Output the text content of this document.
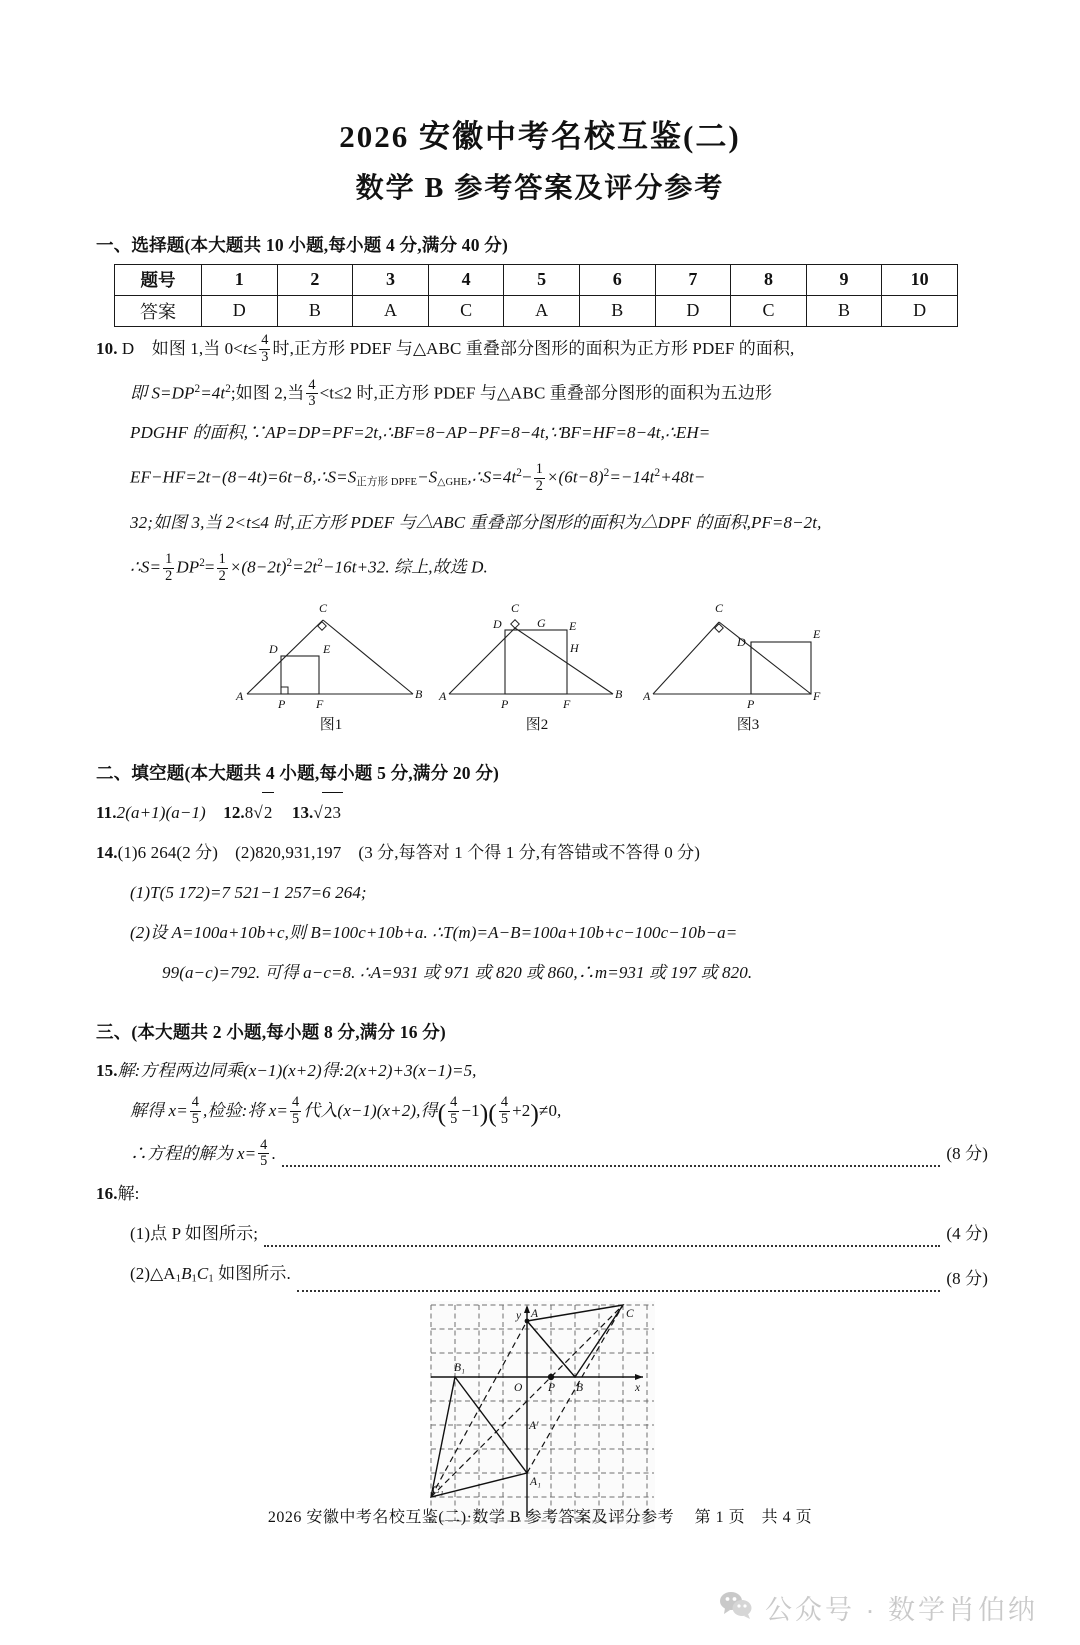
2026 安徽中考名校互鉴(二)
数学 B 参考答案及评分参考
一、选择题(本大题共 10 小题,每小题 4 分,满分 40 分)
题号	1	2	3	4	5	6	7	8	9	10
答案	D	B	A	C	A	B	D	C	B	D
10. D 如图 1,当 $0<t\le \frac{4}{3}$ 时,正方形 PDEF 与△ABC 重叠部分图形的面积为正方形 PDEF 的面积,
即 $S=DP^2=4t^2$;如图 2,当 $\frac{4}{3} <t\le 2$ 时,正方形 PDEF 与△ABC 重叠部分图形的面积为五边形
PDGHF 的面积,∵AP=DP=PF=2t,∴BF=8−AP−PF=8−4t,∵BF=HF=8−4t,∴EH=
$EF-HF=2t-(8-4t)=6t-8,\therefore S=S_{正方形 DPFE}-S_{\triangle GHE},\therefore S=4t^2- \frac{1}{2} \times(6t-8)^2=-14t^2+48t-$
32;如图 3,当 2<t≤4 时,正方形 PDEF 与△ABC 重叠部分图形的面积为△DPF 的面积,PF=8−2t,
∴S= $\frac{1}{2} DP^2= \frac{1}{2} \times(8-2t)^2=2t^2-16t+32$. 综上,故选 D.
A	B
C
D	E
P	F
图1
A	B
C
D	E
G
H
P	F
图2
A
C
D
E
P
F
图3
二、填空题(本大题共 4 小题,每小题 5 分,满分 20 分)
11.2(a+1)(a−1) 12.8√2 13.√23
14.(1)6 264(2 分)　(2)820,931,197　(3 分,每答对 1 个得 1 分,有答错或不答得 0 分)
(1)T(5 172)=7 521−1 257=6 264;
(2)设 A=100a+10b+c,则 B=100c+10b+a. ∴T(m)=A−B=100a+10b+c−100c−10b−a=
99(a−c)=792. 可得 a−c=8. ∴A=931 或 971 或 820 或 860,∴m=931 或 197 或 820.
三、(本大题共 2 小题,每小题 8 分,满分 16 分)
15.解:方程两边同乘(x−1)(x+2)得:2(x+2)+3(x−1)=5,
解得 $x= \frac{4}{5}$ ,检验:将 $x= \frac{4}{5}$ 代入(x−1)(x+2),得( $\frac{4}{5} -1)( \frac{4}{5} +2)\ne 0$,
∴方程的解为 $x= \frac{4}{5}$ .	(8 分)
16.解:
(1)点 P 如图所示;	(4 分)
$(2)\triangle A_1B_1C_1$ 如图所示.	(8 分)
y
x
O
A
B
C
P
A′
A₁
B₁
C₁
2026 安徽中考名校互鉴(二)·数学 B 参考答案及评分参考 第 1 页　共 4 页
公众号 · 数学肖伯纳
